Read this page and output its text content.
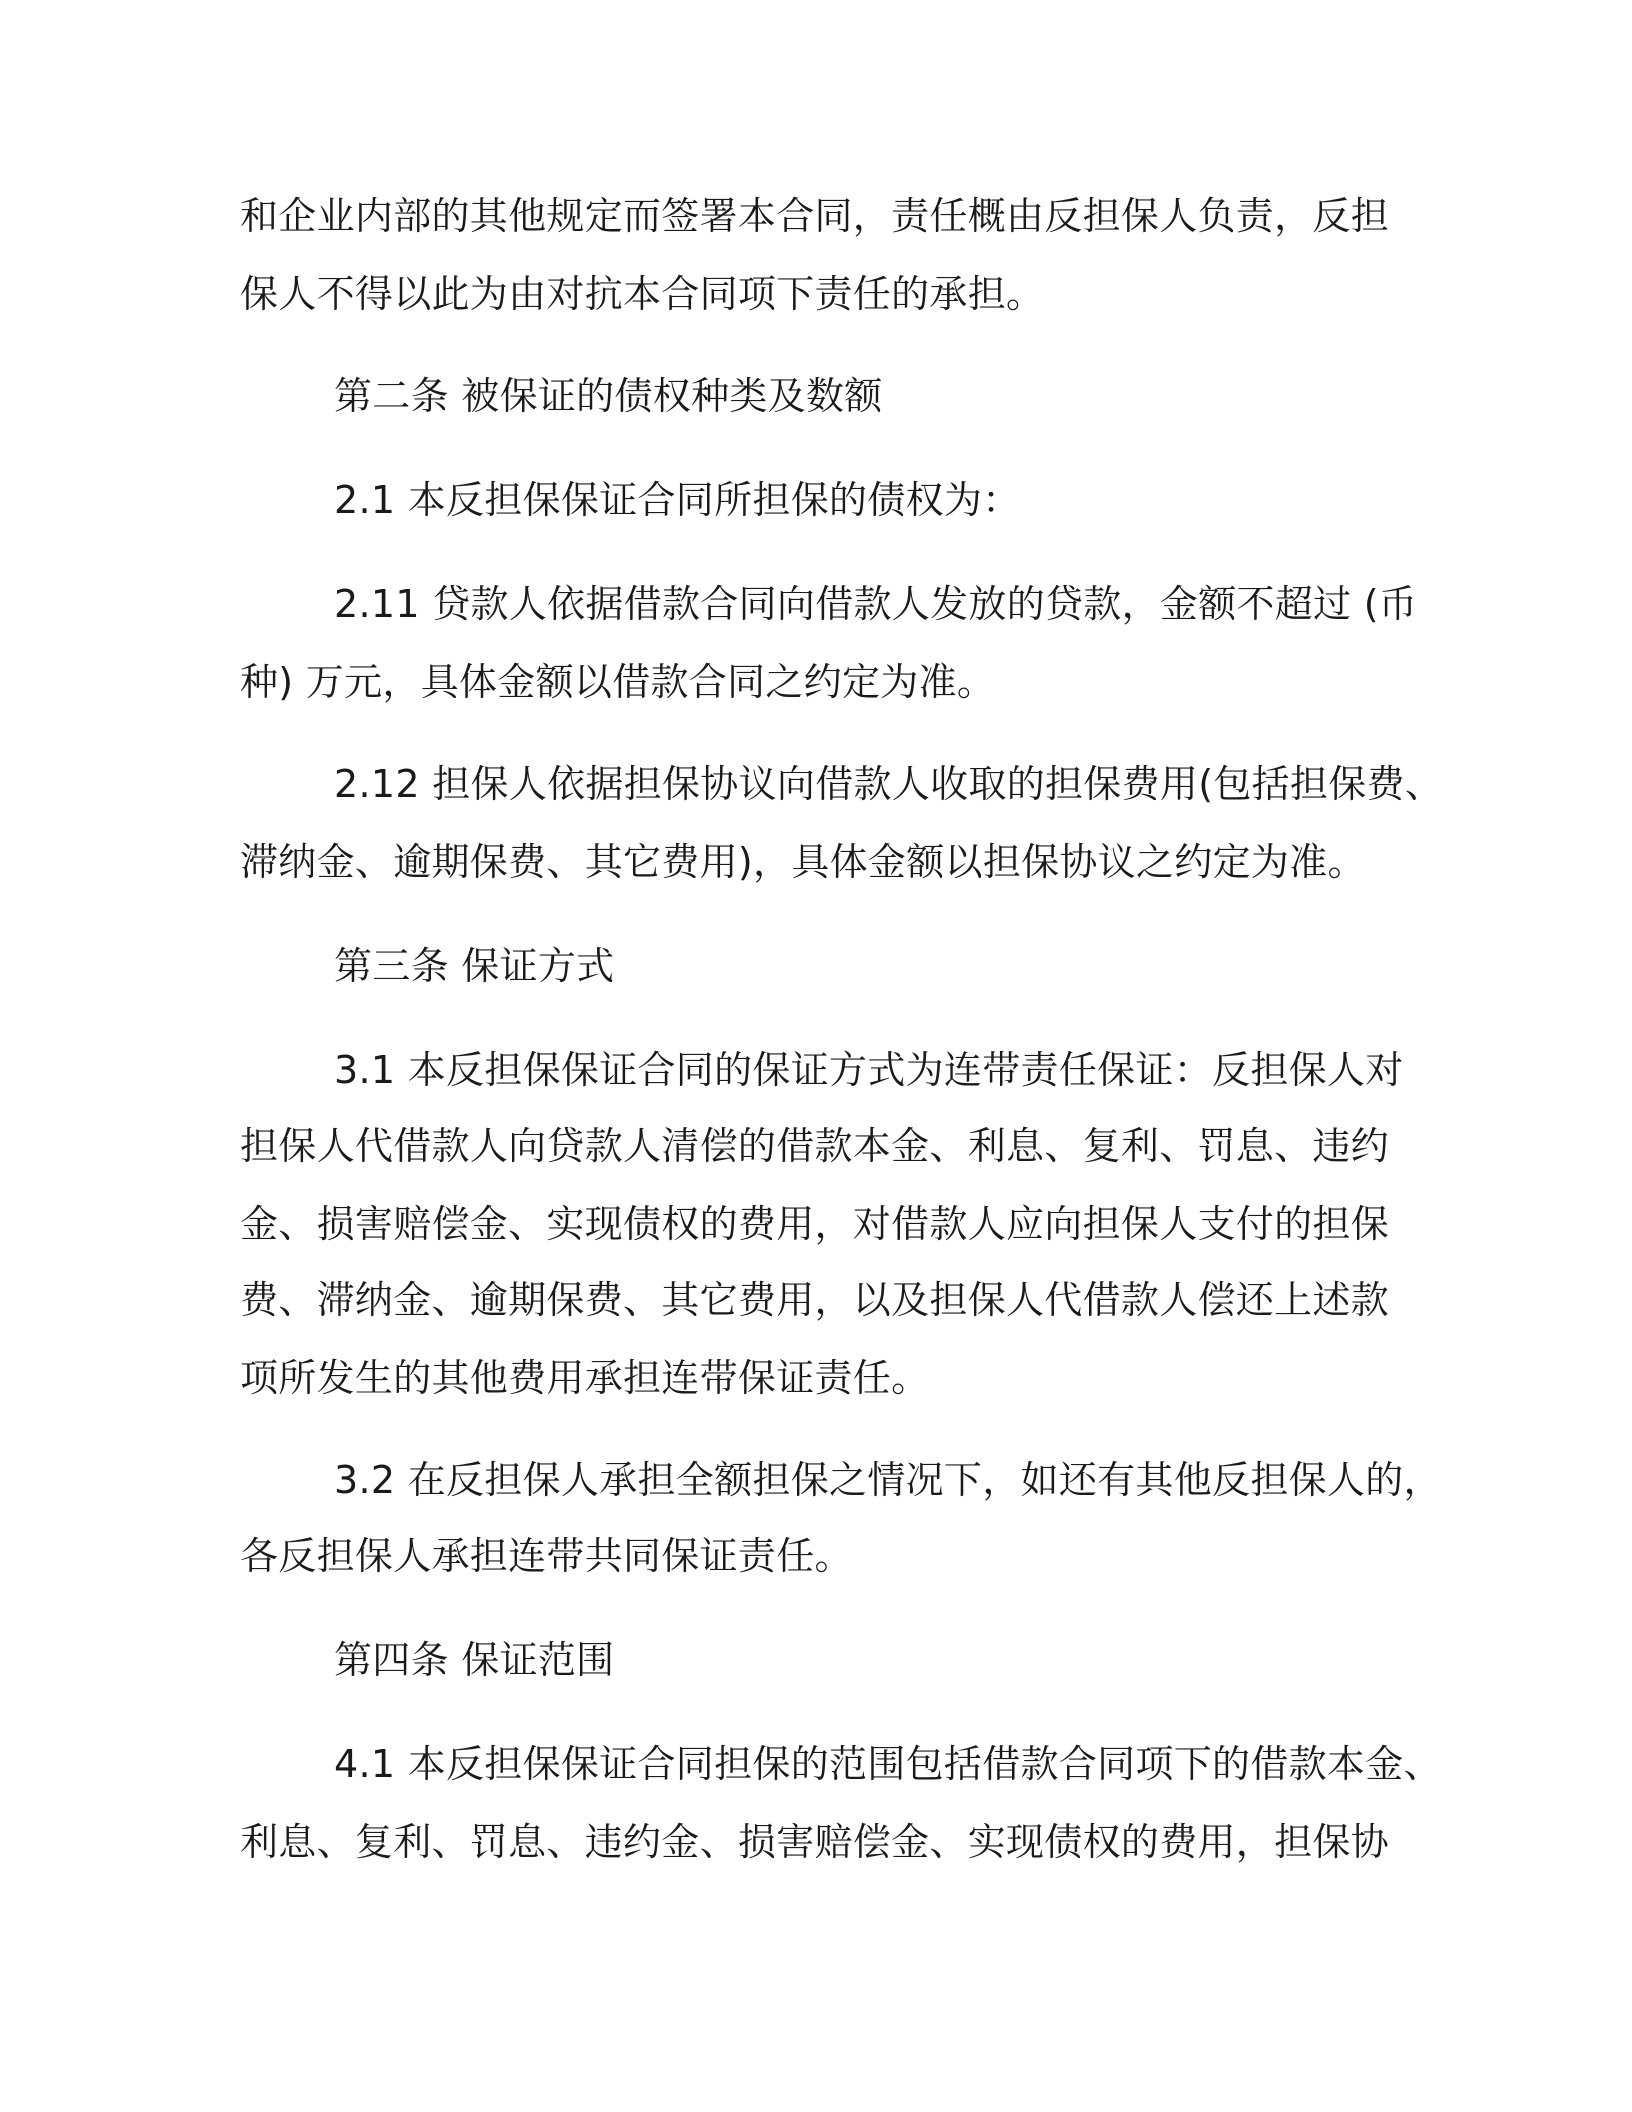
和企业内部的其他规定而签署本合同，责任概由反担保人负责，反担

保人不得以此为由对抗本合同项下责任的承担。

第二条 被保证的债权种类及数额

2.1 本反担保保证合同所担保的债权为：

2.11 贷款人依据借款合同向借款人发放的贷款，金额不超过 (币

种) 万元，具体金额以借款合同之约定为准。

2.12 担保人依据担保协议向借款人收取的担保费用(包括担保费、

滞纳金、逾期保费、其它费用)，具体金额以担保协议之约定为准。

第三条 保证方式

3.1 本反担保保证合同的保证方式为连带责任保证：反担保人对

担保人代借款人向贷款人清偿的借款本金、利息、复利、罚息、违约

金、损害赔偿金、实现债权的费用，对借款人应向担保人支付的担保

费、滞纳金、逾期保费、其它费用，以及担保人代借款人偿还上述款

项所发生的其他费用承担连带保证责任。

3.2 在反担保人承担全额担保之情况下，如还有其他反担保人的，

各反担保人承担连带共同保证责任。

第四条 保证范围

4.1 本反担保保证合同担保的范围包括借款合同项下的借款本金、

利息、复利、罚息、违约金、损害赔偿金、实现债权的费用，担保协
